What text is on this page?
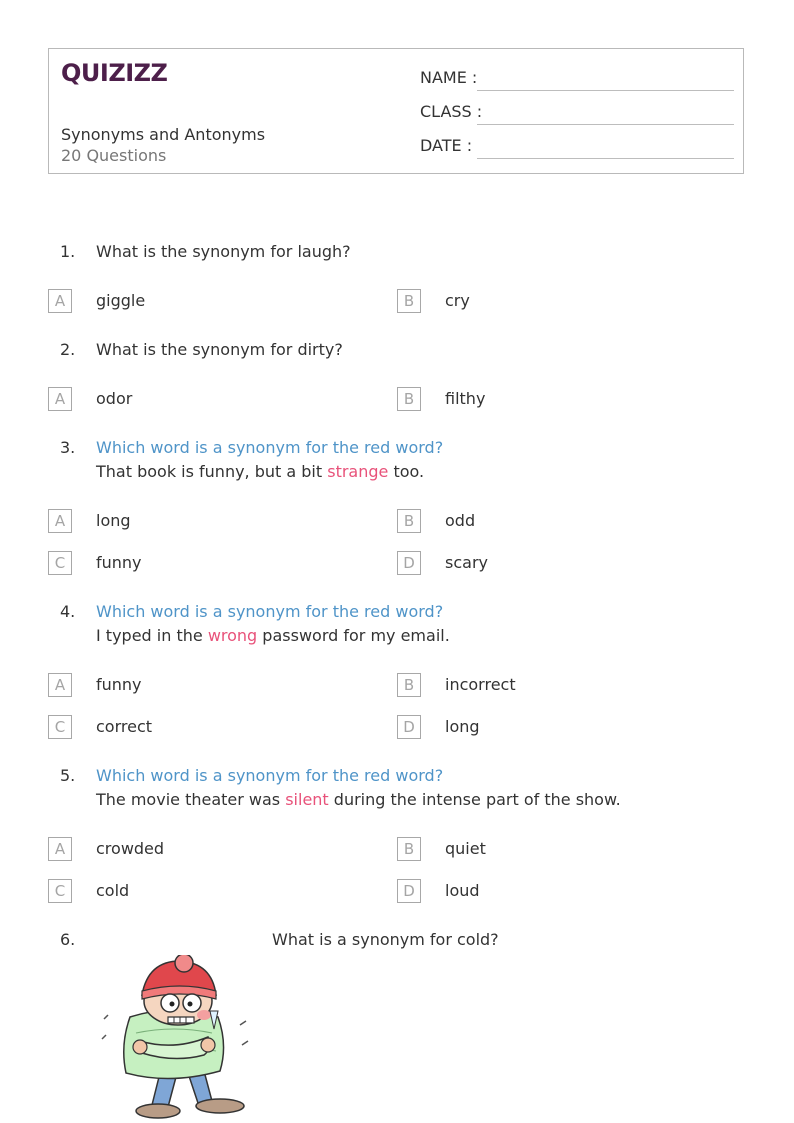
QUIZIZZ
Synonyms and Antonyms
20 Questions
NAME :
CLASS :
DATE :
1. What is the synonym for laugh?
A	giggle	B	cry
2. What is the synonym for dirty?
A	odor	B	filthy
3. Which word is a synonym for the red word?
That book is funny, but a bit strange too.
A	long	B	odd
C	funny	D	scary
4. Which word is a synonym for the red word?
I typed in the wrong password for my email.
A	funny	B	incorrect
C	correct	D	long
5. Which word is a synonym for the red word?
The movie theater was silent during the intense part of the show.
A	crowded	B	quiet
C	cold	D	loud
6.	What is a synonym for cold?
